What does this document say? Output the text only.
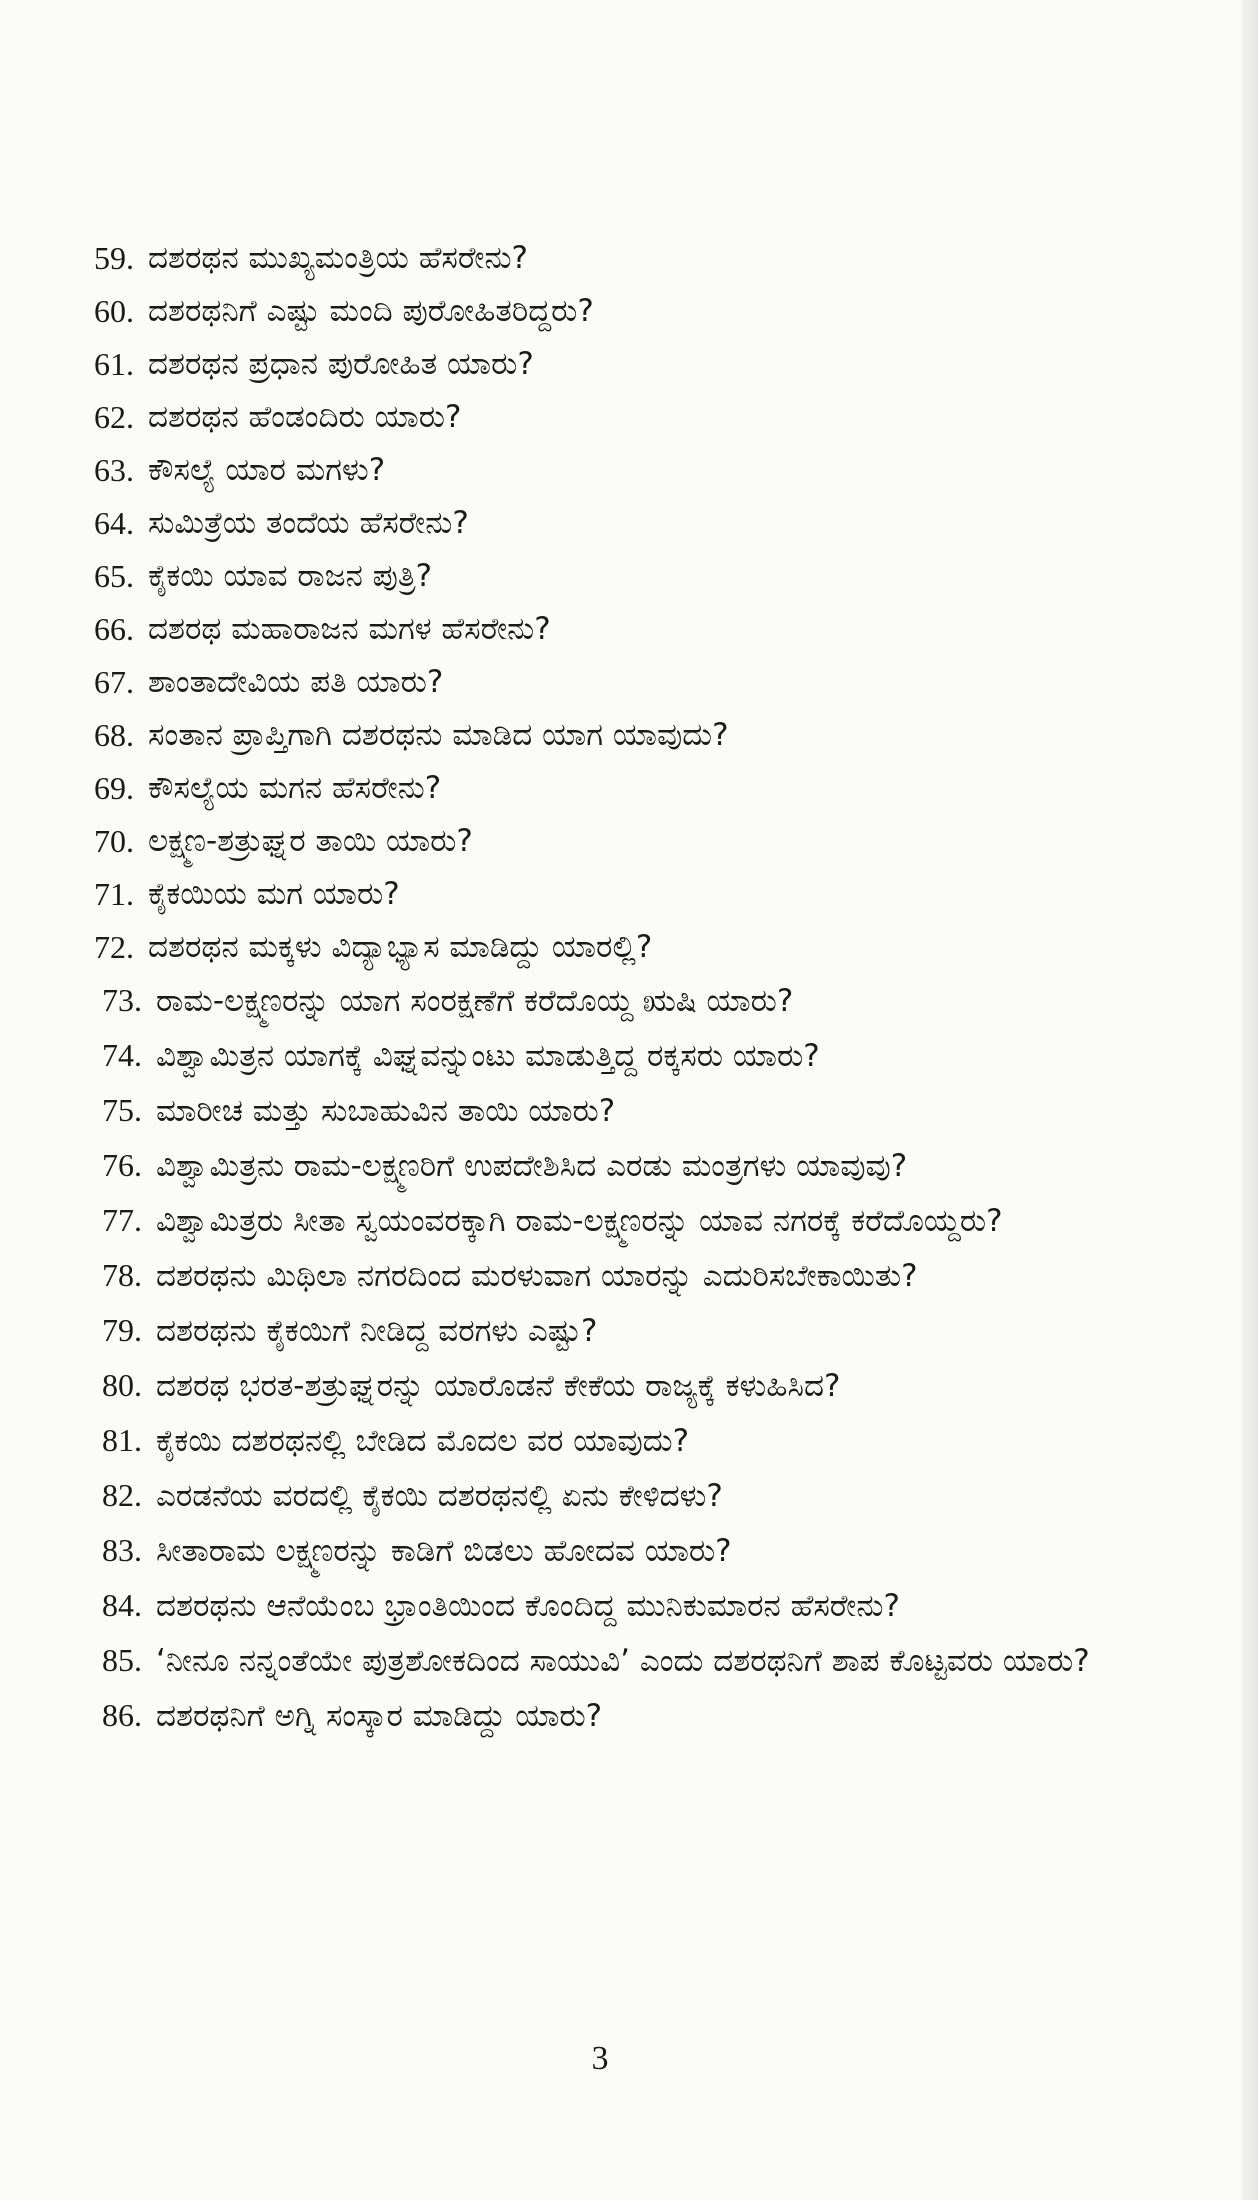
59. ದಶರಥನ ಮುಖ್ಯಮಂತ್ರಿಯ ಹೆಸರೇನು?
60. ದಶರಥನಿಗೆ ಎಷ್ಟು ಮಂದಿ ಪುರೋಹಿತರಿದ್ದರು?
61. ದಶರಥನ ಪ್ರಧಾನ ಪುರೋಹಿತ ಯಾರು?
62. ದಶರಥನ ಹೆಂಡಂದಿರು ಯಾರು?
63. ಕೌಸಲ್ಯೆ ಯಾರ ಮಗಳು?
64. ಸುಮಿತ್ರೆಯ ತಂದೆಯ ಹೆಸರೇನು?
65. ಕೈಕಯಿ ಯಾವ ರಾಜನ ಪುತ್ರಿ?
66. ದಶರಥ ಮಹಾರಾಜನ ಮಗಳ ಹೆಸರೇನು?
67. ಶಾಂತಾದೇವಿಯ ಪತಿ ಯಾರು?
68. ಸಂತಾನ ಪ್ರಾಪ್ತಿಗಾಗಿ ದಶರಥನು ಮಾಡಿದ ಯಾಗ ಯಾವುದು?
69. ಕೌಸಲ್ಯೆಯ ಮಗನ ಹೆಸರೇನು?
70. ಲಕ್ಷ್ಮಣ-ಶತ್ರುಘ್ನರ ತಾಯಿ ಯಾರು?
71. ಕೈಕಯಿಯ ಮಗ ಯಾರು?
72. ದಶರಥನ ಮಕ್ಕಳು ವಿದ್ಯಾಭ್ಯಾಸ ಮಾಡಿದ್ದು ಯಾರಲ್ಲಿ?
73. ರಾಮ-ಲಕ್ಷ್ಮಣರನ್ನು ಯಾಗ ಸಂರಕ್ಷಣೆಗೆ ಕರೆದೊಯ್ದ ಋಷಿ ಯಾರು?
74. ವಿಶ್ವಾಮಿತ್ರನ ಯಾಗಕ್ಕೆ ವಿಘ್ನವನ್ನುಂಟು ಮಾಡುತ್ತಿದ್ದ ರಕ್ಕಸರು ಯಾರು?
75. ಮಾರೀಚ ಮತ್ತು ಸುಬಾಹುವಿನ ತಾಯಿ ಯಾರು?
76. ವಿಶ್ವಾಮಿತ್ರನು ರಾಮ-ಲಕ್ಷ್ಮಣರಿಗೆ ಉಪದೇಶಿಸಿದ ಎರಡು ಮಂತ್ರಗಳು ಯಾವುವು?
77. ವಿಶ್ವಾಮಿತ್ರರು ಸೀತಾ ಸ್ವಯಂವರಕ್ಕಾಗಿ ರಾಮ-ಲಕ್ಷ್ಮಣರನ್ನು ಯಾವ ನಗರಕ್ಕೆ ಕರೆದೊಯ್ದರು?
78. ದಶರಥನು ಮಿಥಿಲಾ ನಗರದಿಂದ ಮರಳುವಾಗ ಯಾರನ್ನು ಎದುರಿಸಬೇಕಾಯಿತು?
79. ದಶರಥನು ಕೈಕಯಿಗೆ ನೀಡಿದ್ದ ವರಗಳು ಎಷ್ಟು?
80. ದಶರಥ ಭರತ-ಶತ್ರುಘ್ನರನ್ನು ಯಾರೊಡನೆ ಕೇಕೆಯ ರಾಜ್ಯಕ್ಕೆ ಕಳುಹಿಸಿದ?
81. ಕೈಕಯಿ ದಶರಥನಲ್ಲಿ ಬೇಡಿದ ಮೊದಲ ವರ ಯಾವುದು?
82. ಎರಡನೆಯ ವರದಲ್ಲಿ ಕೈಕಯಿ ದಶರಥನಲ್ಲಿ ಏನು ಕೇಳಿದಳು?
83. ಸೀತಾರಾಮ ಲಕ್ಷ್ಮಣರನ್ನು ಕಾಡಿಗೆ ಬಿಡಲು ಹೋದವ ಯಾರು?
84. ದಶರಥನು ಆನೆಯೆಂಬ ಭ್ರಾಂತಿಯಿಂದ ಕೊಂದಿದ್ದ ಮುನಿಕುಮಾರನ ಹೆಸರೇನು?
85. ‘ನೀನೂ ನನ್ನಂತೆಯೇ ಪುತ್ರಶೋಕದಿಂದ ಸಾಯುವಿ’ ಎಂದು ದಶರಥನಿಗೆ ಶಾಪ ಕೊಟ್ಟವರು ಯಾರು?
86. ದಶರಥನಿಗೆ ಅಗ್ನಿ ಸಂಸ್ಕಾರ ಮಾಡಿದ್ದು ಯಾರು?
3
